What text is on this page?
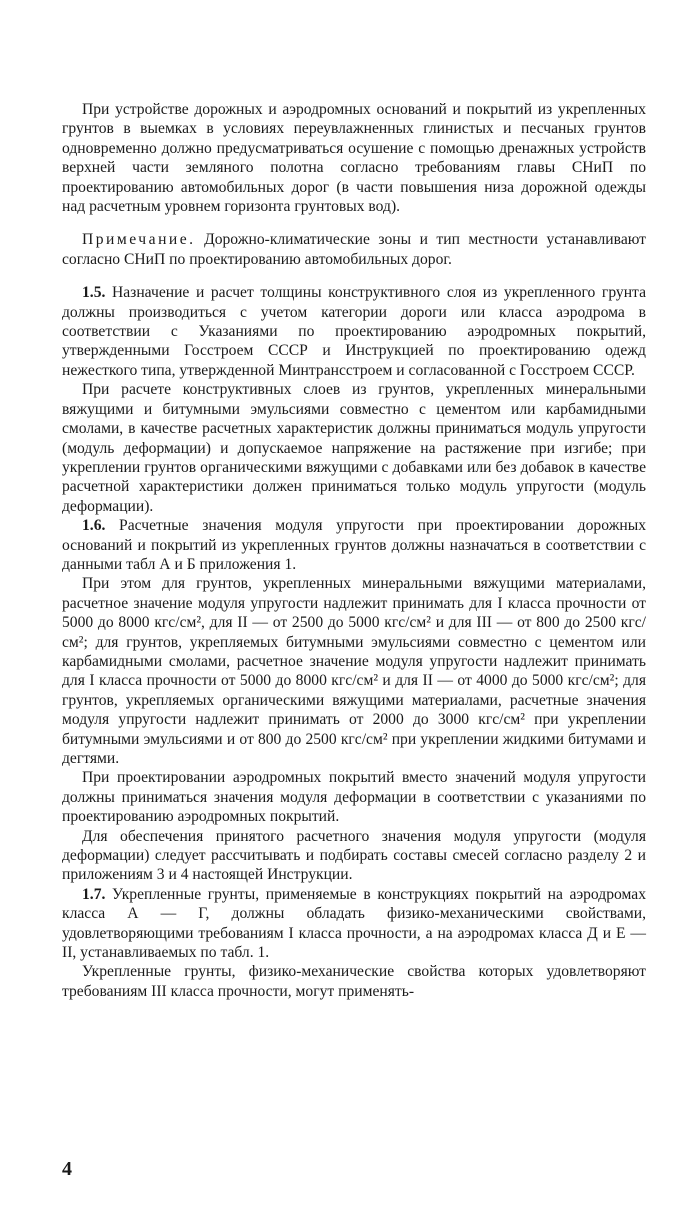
При устройстве дорожных и аэродромных оснований и покрытий из укрепленных грунтов в выемках в условиях переувлажненных глинистых и песчаных грунтов одновременно должно предусматриваться осушение с помощью дренажных устройств верхней части земляного полотна согласно требованиям главы СНиП по проектированию автомобильных дорог (в части повышения низа дорожной одежды над расчетным уровнем горизонта грунтовых вод).

Примечание. Дорожно-климатические зоны и тип местности устанавливают согласно СНиП по проектированию автомобильных дорог.

1.5. Назначение и расчет толщины конструктивного слоя из укрепленного грунта должны производиться с учетом категории дороги или класса аэродрома в соответствии с Указаниями по проектированию аэродромных покрытий, утвержденными Госстроем СССР и Инструкцией по проектированию одежд нежесткого типа, утвержденной Минтрансстроем и согласованной с Госстроем СССР.

При расчете конструктивных слоев из грунтов, укрепленных минеральными вяжущими и битумными эмульсиями совместно с цементом или карбамидными смолами, в качестве расчетных характеристик должны приниматься модуль упругости (модуль деформации) и допускаемое напряжение на растяжение при изгибе; при укреплении грунтов органическими вяжущими с добавками или без добавок в качестве расчетной характеристики должен приниматься только модуль упругости (модуль деформации).

1.6. Расчетные значения модуля упругости при проектировании дорожных оснований и покрытий из укрепленных грунтов должны назначаться в соответствии с данными табл А и Б приложения 1.

При этом для грунтов, укрепленных минеральными вяжущими материалами, расчетное значение модуля упругости надлежит принимать для I класса прочности от 5000 до 8000 кгс/см², для II — от 2500 до 5000 кгс/см² и для III — от 800 до 2500 кгс/см²; для грунтов, укрепляемых битумными эмульсиями совместно с цементом или карбамидными смолами, расчетное значение модуля упругости надлежит принимать для I класса прочности от 5000 до 8000 кгс/см² и для II — от 4000 до 5000 кгс/см²; для грунтов, укрепляемых органическими вяжущими материалами, расчетные значения модуля упругости надлежит принимать от 2000 до 3000 кгс/см² при укреплении битумными эмульсиями и от 800 до 2500 кгс/см² при укреплении жидкими битумами и дегтями.

При проектировании аэродромных покрытий вместо значений модуля упругости должны приниматься значения модуля деформации в соответствии с указаниями по проектированию аэродромных покрытий.

Для обеспечения принятого расчетного значения модуля упругости (модуля деформации) следует рассчитывать и подбирать составы смесей согласно разделу 2 и приложениям 3 и 4 настоящей Инструкции.

1.7. Укрепленные грунты, применяемые в конструкциях покрытий на аэродромах класса А — Г, должны обладать физико-механическими свойствами, удовлетворяющими требованиям I класса прочности, а на аэродромах класса Д и Е — II, устанавливаемых по табл. 1.

Укрепленные грунты, физико-механические свойства которых удовлетворяют требованиям III класса прочности, могут применять-

4
